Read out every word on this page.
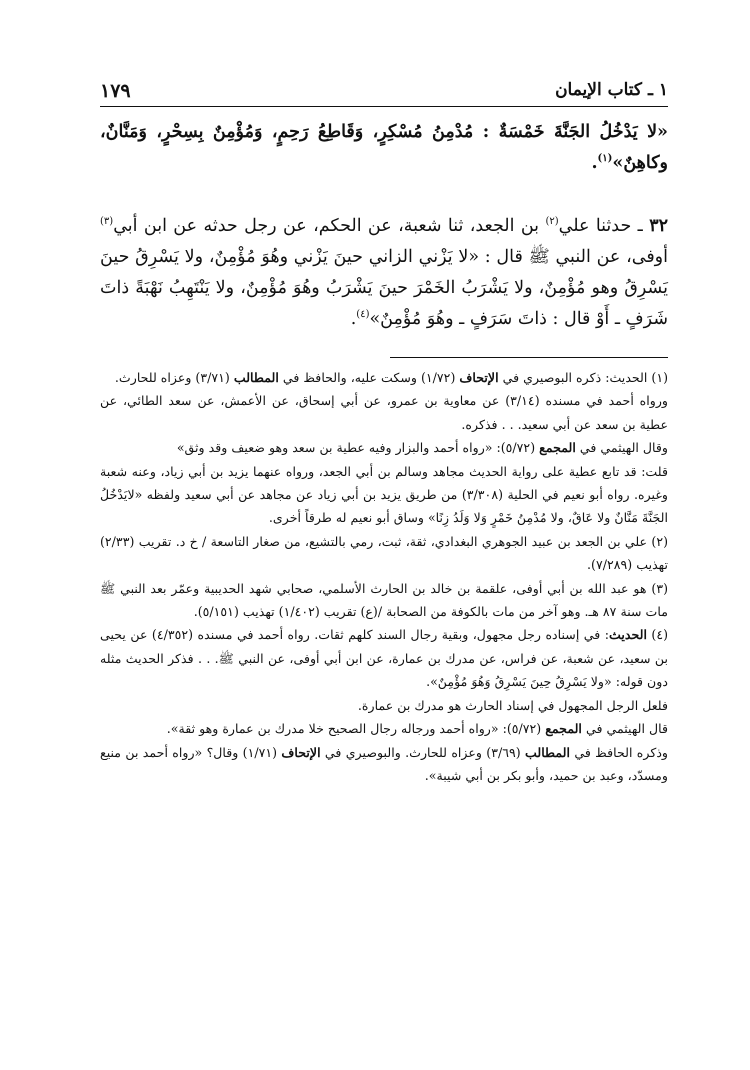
١ ـ كتاب الإيمان
١٧٩
«لا يَدْخُلُ الجَنَّةَ خَمْسَةٌ : مُدْمِنُ مُسْكِرٍ، وَقَاطِعُ رَحِمٍ، وَمُؤْمِنٌ بِسِحْرٍ، وَمَنَّانٌ، وكاهِنٌ»$^{(١)}$.
٣٢ ـ حدثنا علي$^{(٢)}$ بن الجعد، ثنا شعبة، عن الحكم، عن رجل حدثه عن ابن أبي$^{(٣)}$ أوفى، عن النبي ﷺ قال : «لا يَزْني الزاني حينَ يَزْني وهُوَ مُؤْمِنٌ، ولا يَسْرِقُ حينَ يَسْرِقُ وهو مُؤْمِنٌ، ولا يَشْرَبُ الخَمْرَ حينَ يَشْرَبُ وهُوَ مُؤْمِنٌ، ولا يَنْتَهِبُ نَهْبَةً ذاتَ شَرَفٍ ـ أَوْ قال : ذاتَ سَرَفٍ ـ وهُوَ مُؤْمِنٌ»$^{(٤)}$.

(١) الحديث: ذكره البوصيري في الإتحاف (١/٧٢) وسكت عليه، والحافظ في المطالب (٣/٧١) وعزاه للحارث.

ورواه أحمد في مسنده (٣/١٤) عن معاوية بن عمرو، عن أبي إسحاق، عن الأعمش، عن سعد الطائي، عن عطية بن سعد عن أبي سعيد. . . فذكره.

وقال الهيثمي في المجمع (٥/٧٢): «رواه أحمد والبزار وفيه عطية بن سعد وهو ضعيف وقد وثق»

قلت: قد تابع عطية على رواية الحديث مجاهد وسالم بن أبي الجعد، ورواه عنهما يزيد بن أبي زياد، وعنه شعبة وغيره. رواه أبو نعيم في الحلية (٣/٣٠٨) من طريق يزيد بن أبي زياد عن مجاهد عن أبي سعيد ولفظه «لايَدْخُلُ الجَنَّةَ مَنَّانٌ ولا عَاقٌ، ولا مُدْمِنُ خَمْرٍ وَلا وَلَدُ زِنًا» وساق أبو نعيم له طرقاً أخرى.

(٢) علي بن الجعد بن عبيد الجوهري البغدادي، ثقة، ثبت، رمي بالتشيع، من صغار التاسعة / خ د. تقريب (٢/٣٣) تهذيب (٧/٢٨٩).

(٣) هو عبد الله بن أبي أوفى، علقمة بن خالد بن الحارث الأسلمي، صحابي شهد الحديبية وعمّر بعد النبي ﷺ مات سنة ٨٧ هـ. وهو آخر من مات بالكوفة من الصحابة /(ع) تقريب (١/٤٠٢) تهذيب (٥/١٥١).

(٤) الحديث: في إسناده رجل مجهول، وبقية رجال السند كلهم ثقات. رواه أحمد في مسنده (٤/٣٥٢) عن يحيى بن سعيد، عن شعبة، عن فراس، عن مدرك بن عمارة، عن ابن أبي أوفى، عن النبي ﷺ. . . فذكر الحديث مثله دون قوله: «ولا يَسْرِقُ حِينَ يَسْرِقُ وَهُوَ مُؤْمِنٌ».

فلعل الرجل المجهول في إسناد الحارث هو مدرك بن عمارة.

قال الهيثمي في المجمع (٥/٧٢): «رواه أحمد ورجاله رجال الصحيح خلا مدرك بن عمارة وهو ثقة».

وذكره الحافظ في المطالب (٣/٦٩) وعزاه للحارث. والبوصيري في الإتحاف (١/٧١) وقال؟ «رواه أحمد بن منيع ومسدّد، وعبد بن حميد، وأبو بكر بن أبي شيبة».
